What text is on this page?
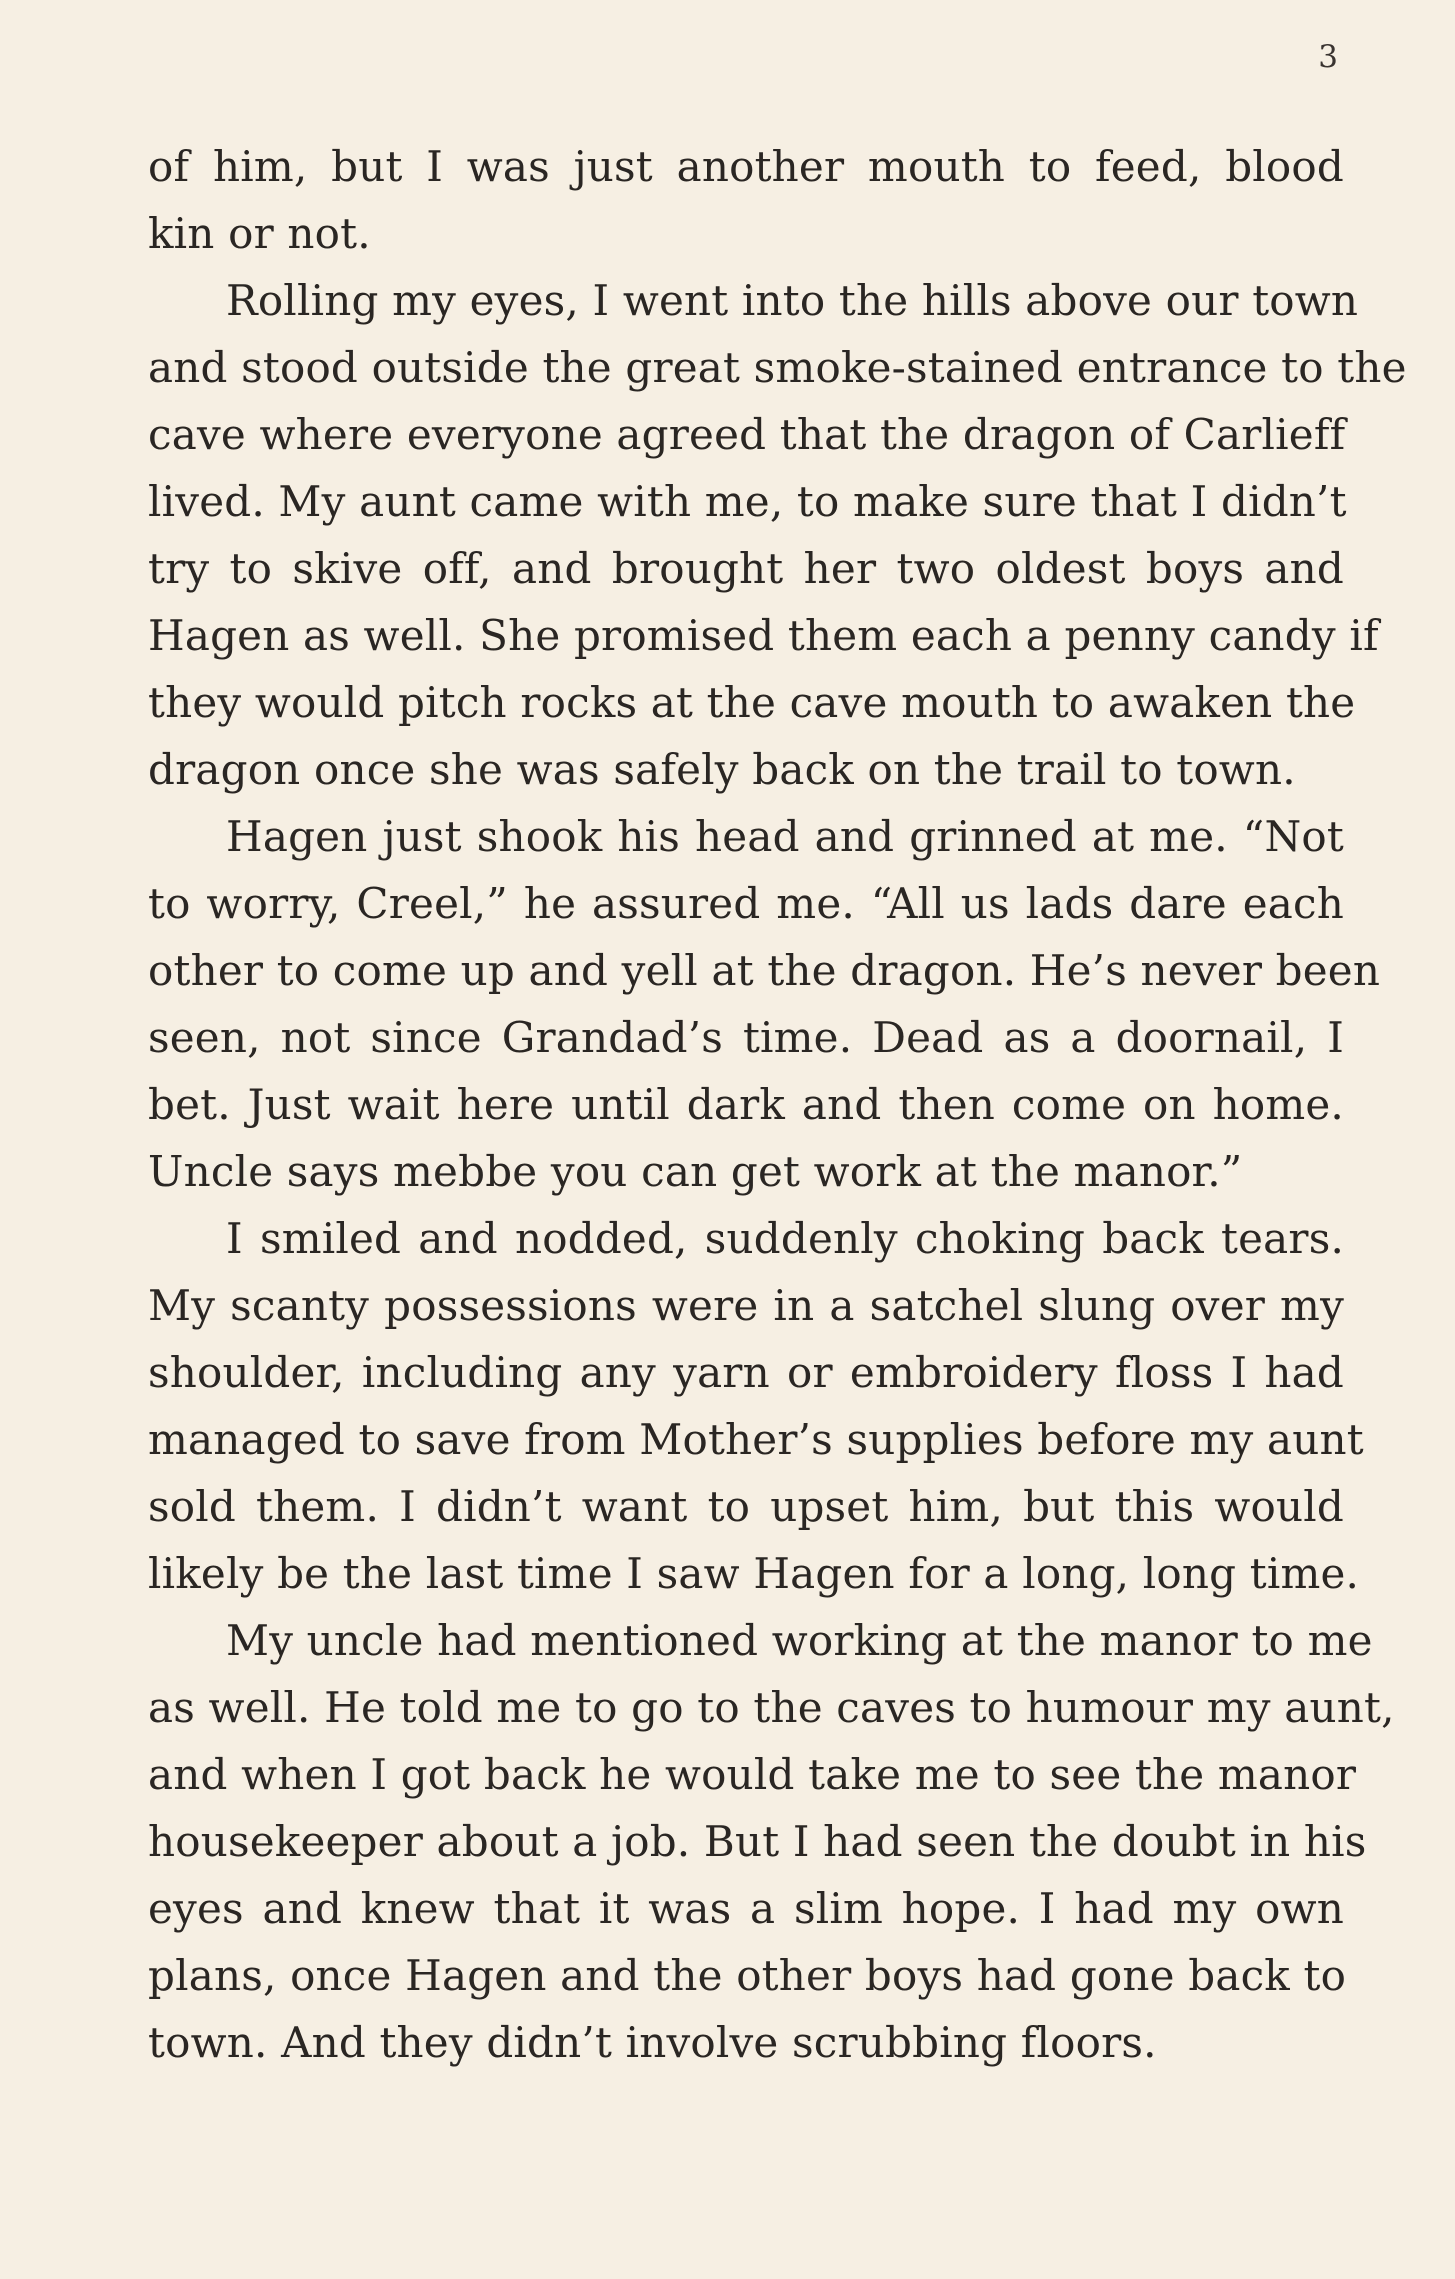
3
of him, but I was just another mouth to feed, blood
kin or not.
Rolling my eyes, I went into the hills above our town
and stood outside the great smoke-stained entrance to the
cave where everyone agreed that the dragon of Carlieff
lived. My aunt came with me, to make sure that I didn’t
try to skive off, and brought her two oldest boys and
Hagen as well. She promised them each a penny candy if
they would pitch rocks at the cave mouth to awaken the
dragon once she was safely back on the trail to town.
Hagen just shook his head and grinned at me. “Not
to worry, Creel,” he assured me. “All us lads dare each
other to come up and yell at the dragon. He’s never been
seen, not since Grandad’s time. Dead as a doornail, I
bet. Just wait here until dark and then come on home.
Uncle says mebbe you can get work at the manor.”
I smiled and nodded, suddenly choking back tears.
My scanty possessions were in a satchel slung over my
shoulder, including any yarn or embroidery floss I had
managed to save from Mother’s supplies before my aunt
sold them. I didn’t want to upset him, but this would
likely be the last time I saw Hagen for a long, long time.
My uncle had mentioned working at the manor to me
as well. He told me to go to the caves to humour my aunt,
and when I got back he would take me to see the manor
housekeeper about a job. But I had seen the doubt in his
eyes and knew that it was a slim hope. I had my own
plans, once Hagen and the other boys had gone back to
town. And they didn’t involve scrubbing floors.
